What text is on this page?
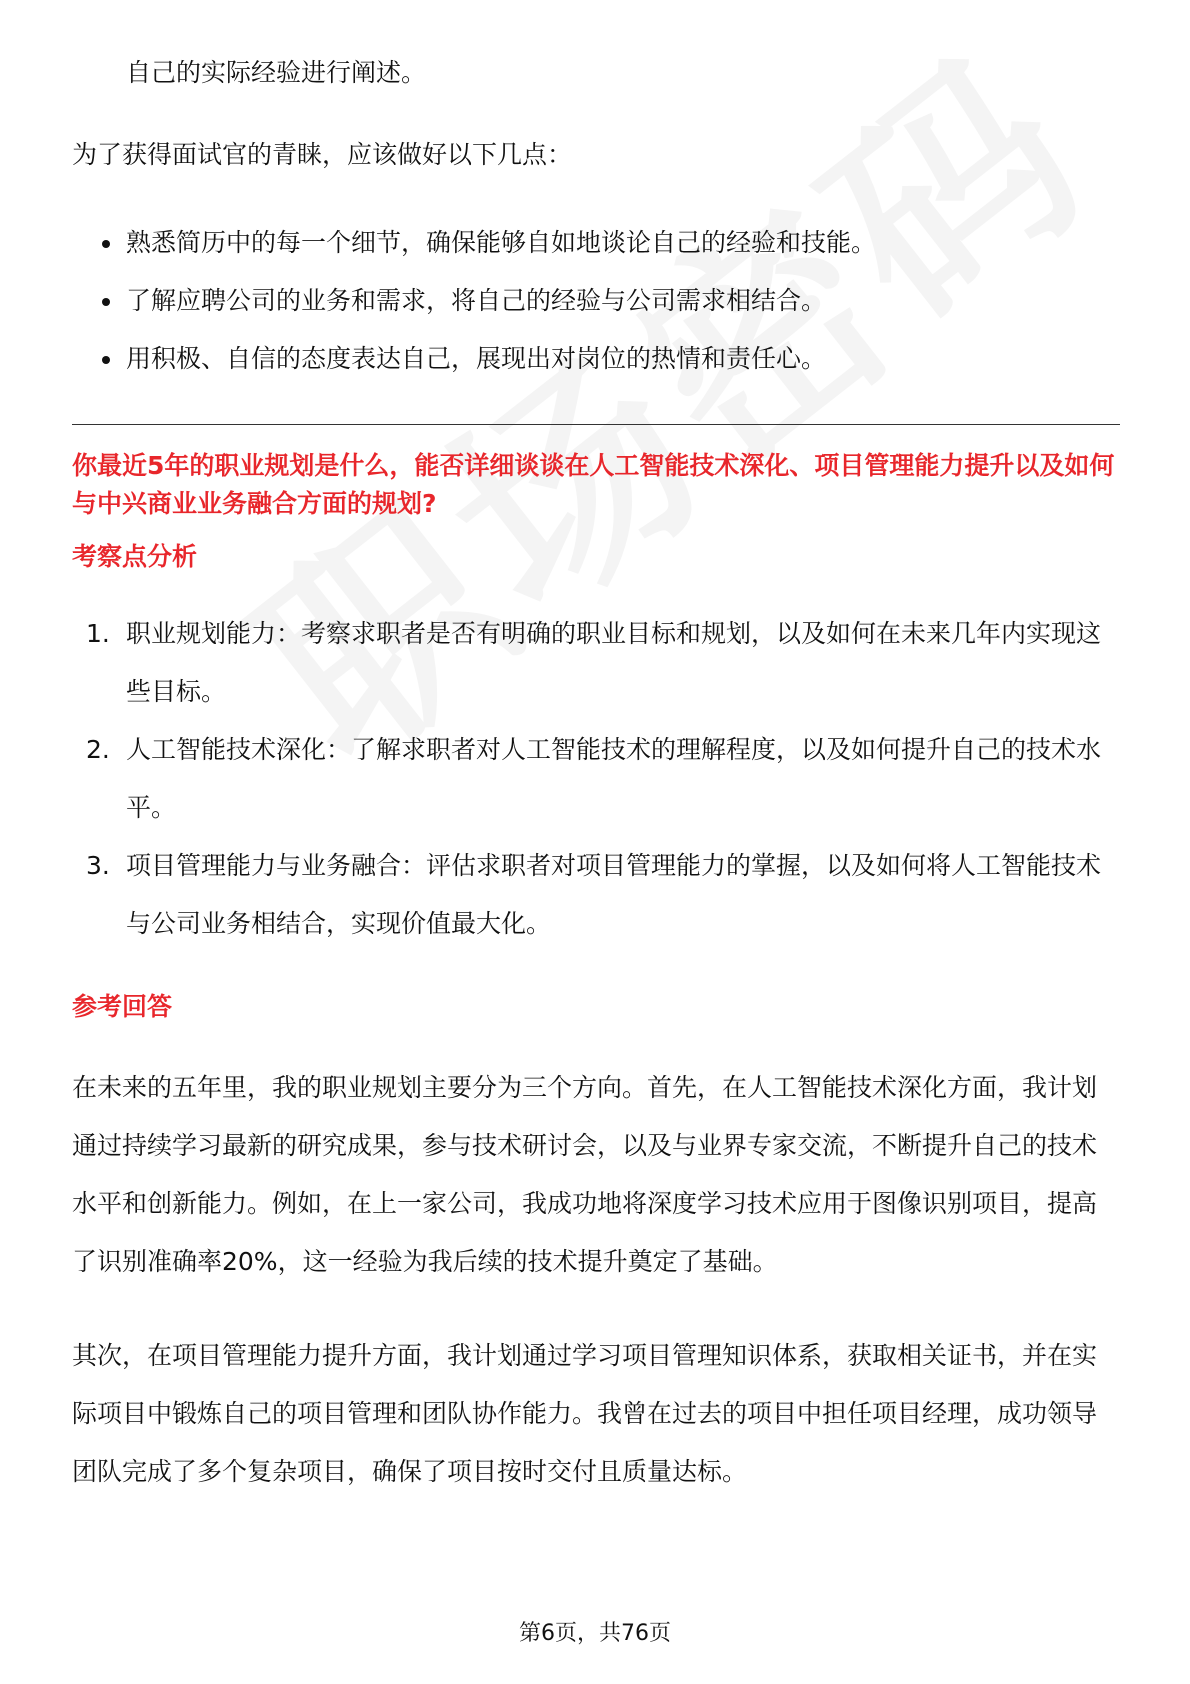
自己的实际经验进行阐述。

为了获得面试官的青睐，应该做好以下几点：

熟悉简历中的每一个细节，确保能够自如地谈论自己的经验和技能。
了解应聘公司的业务和需求，将自己的经验与公司需求相结合。
用积极、自信的态度表达自己，展现出对岗位的热情和责任心。
你最近5年的职业规划是什么，能否详细谈谈在人工智能技术深化、项目管理能力提升以及如何与中兴商业业务融合方面的规划?
考察点分析
1. 职业规划能力：考察求职者是否有明确的职业目标和规划，以及如何在未来几年内实现这些目标。
2. 人工智能技术深化：了解求职者对人工智能技术的理解程度，以及如何提升自己的技术水平。
3. 项目管理能力与业务融合：评估求职者对项目管理能力的掌握，以及如何将人工智能技术与公司业务相结合，实现价值最大化。
参考回答

在未来的五年里，我的职业规划主要分为三个方向。首先，在人工智能技术深化方面，我计划通过持续学习最新的研究成果，参与技术研讨会，以及与业界专家交流，不断提升自己的技术水平和创新能力。例如，在上一家公司，我成功地将深度学习技术应用于图像识别项目，提高了识别准确率20%，这一经验为我后续的技术提升奠定了基础。

其次，在项目管理能力提升方面，我计划通过学习项目管理知识体系，获取相关证书，并在实际项目中锻炼自己的项目管理和团队协作能力。我曾在过去的项目中担任项目经理，成功领导团队完成了多个复杂项目，确保了项目按时交付且质量达标。

第6页，共76页
